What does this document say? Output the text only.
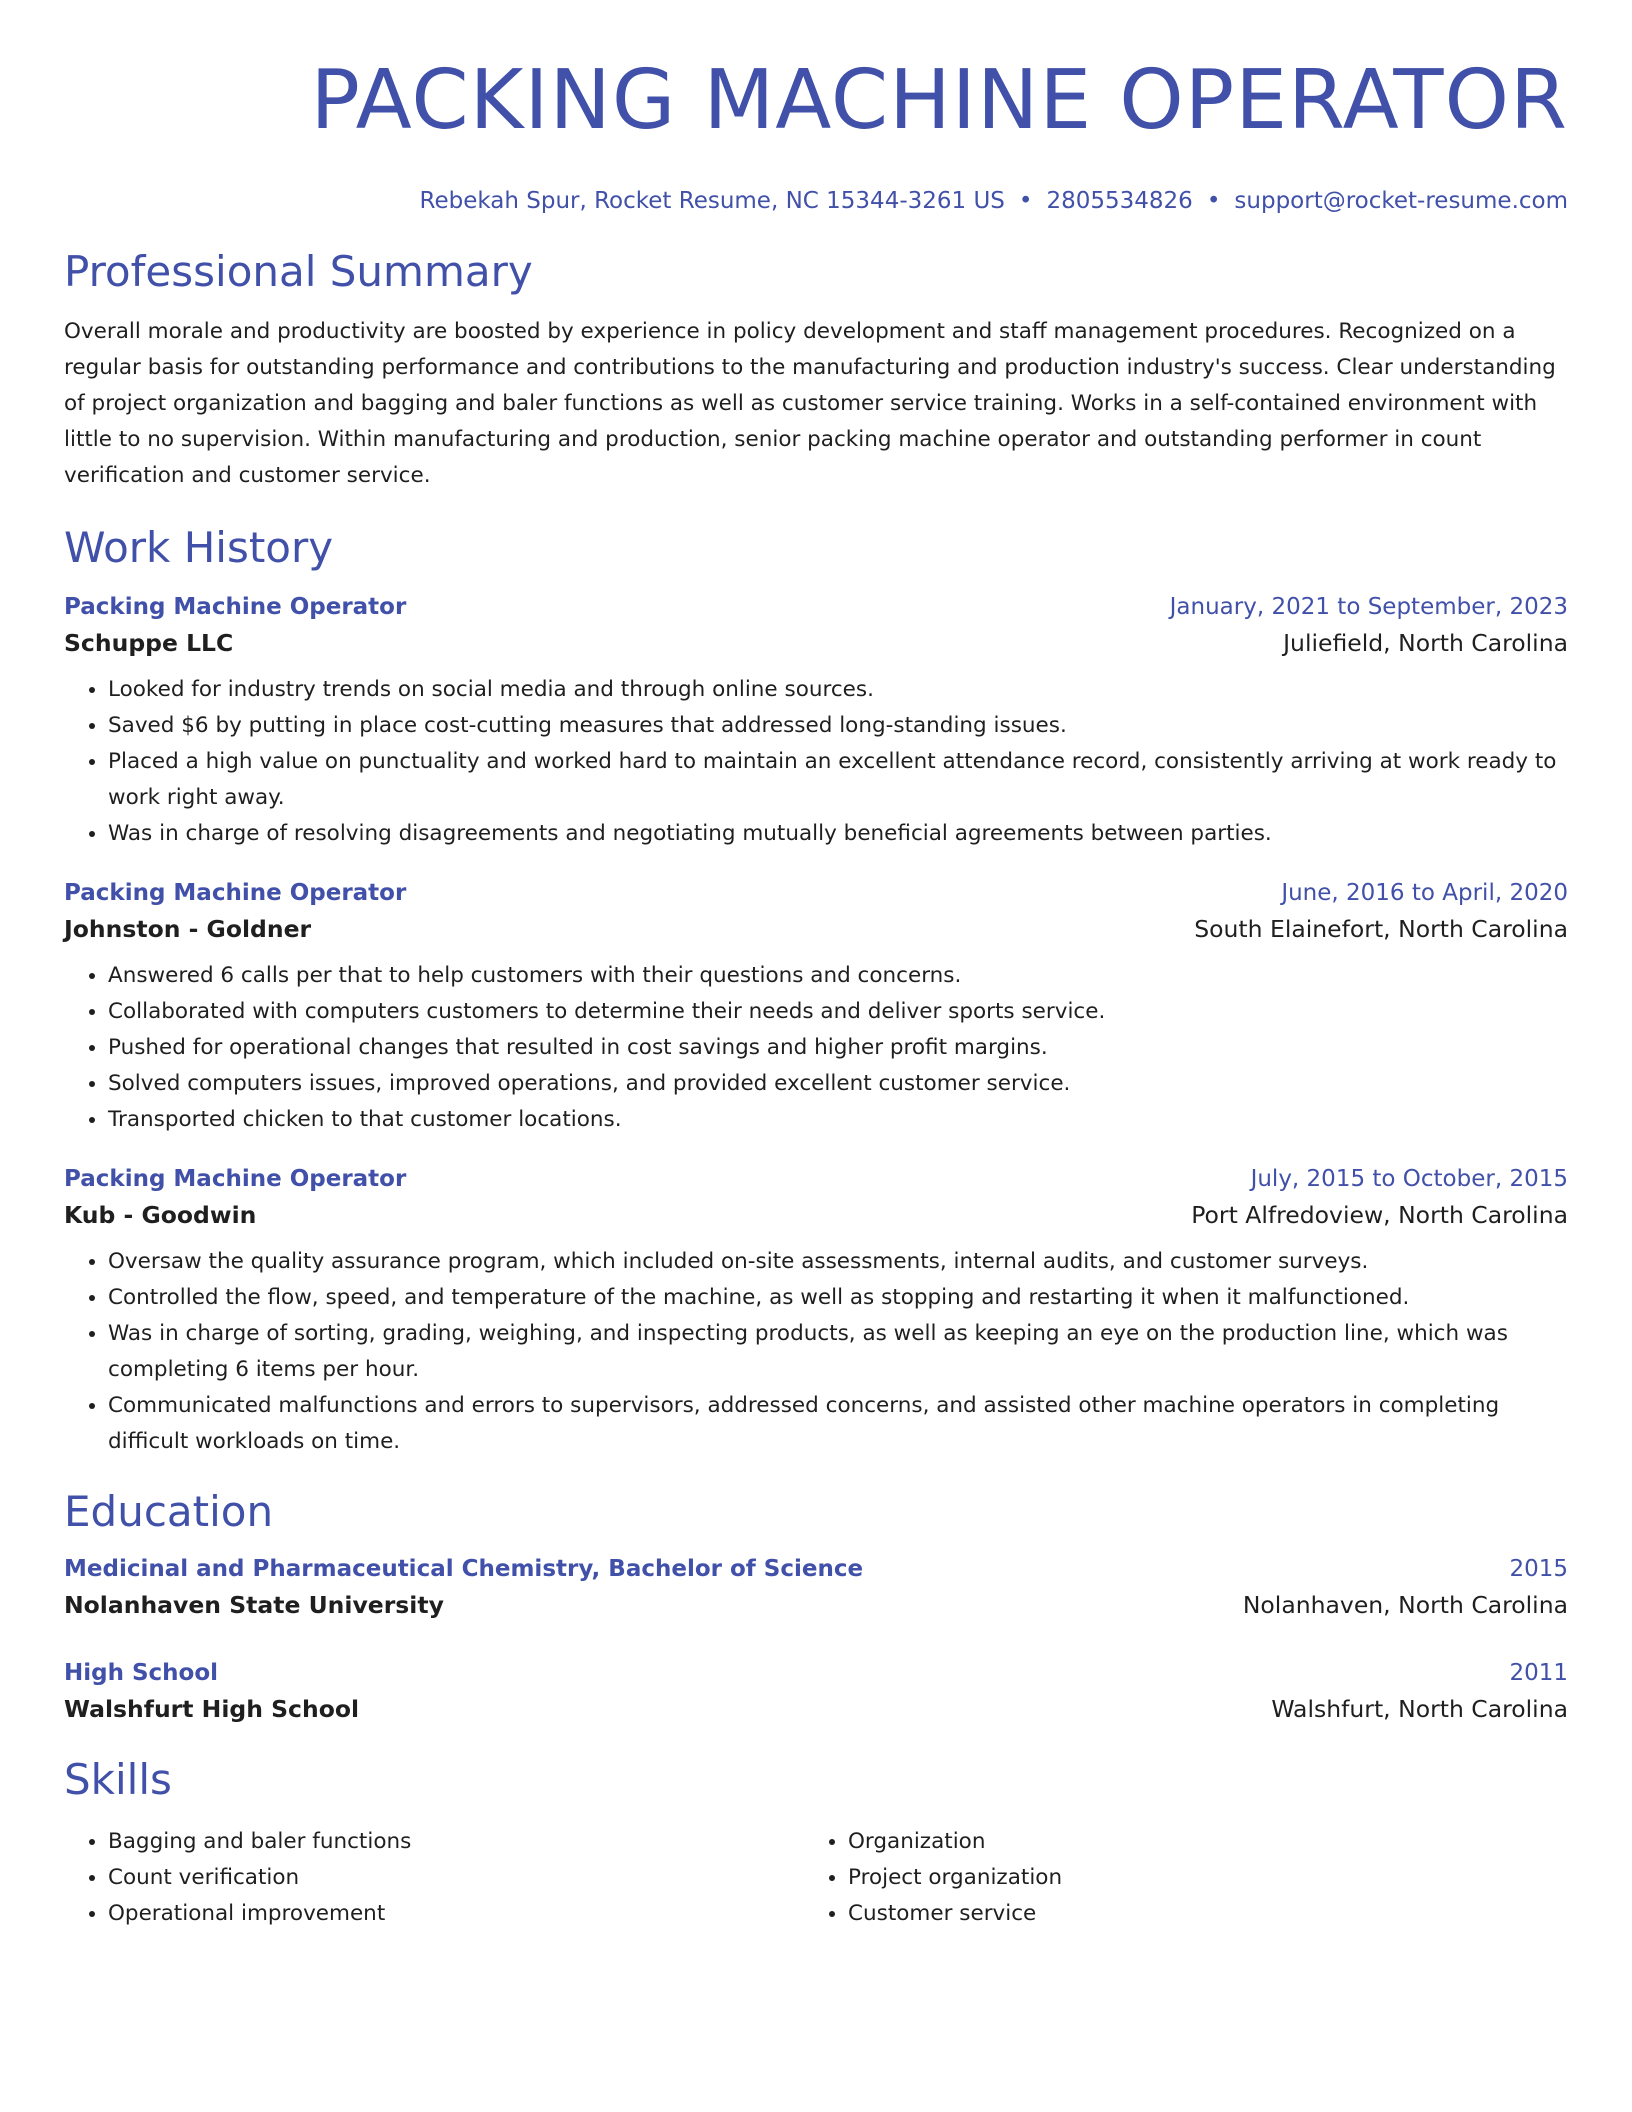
PACKING MACHINE OPERATOR
Rebekah Spur, Rocket Resume, NC 15344-3261 US • 2805534826 • support@rocket-resume.com
Professional Summary

Overall morale and productivity are boosted by experience in policy development and staff management procedures. Recognized on a regular basis for outstanding performance and contributions to the manufacturing and production industry's success. Clear understanding of project organization and bagging and baler functions as well as customer service training. Works in a self-contained environment with little to no supervision. Within manufacturing and production, senior packing machine operator and outstanding performer in count verification and customer service.

Work History
Packing Machine Operator	January, 2021 to September, 2023
Schuppe LLC	Juliefield, North Carolina
• Looked for industry trends on social media and through online sources.
• Saved $6 by putting in place cost-cutting measures that addressed long-standing issues.
• Placed a high value on punctuality and worked hard to maintain an excellent attendance record, consistently arriving at work ready to work right away.
• Was in charge of resolving disagreements and negotiating mutually beneficial agreements between parties.
Packing Machine Operator	June, 2016 to April, 2020
Johnston - Goldner	South Elainefort, North Carolina
• Answered 6 calls per that to help customers with their questions and concerns.
• Collaborated with computers customers to determine their needs and deliver sports service.
• Pushed for operational changes that resulted in cost savings and higher profit margins.
• Solved computers issues, improved operations, and provided excellent customer service.
• Transported chicken to that customer locations.
Packing Machine Operator	July, 2015 to October, 2015
Kub - Goodwin	Port Alfredoview, North Carolina
• Oversaw the quality assurance program, which included on-site assessments, internal audits, and customer surveys.
• Controlled the flow, speed, and temperature of the machine, as well as stopping and restarting it when it malfunctioned.
• Was in charge of sorting, grading, weighing, and inspecting products, as well as keeping an eye on the production line, which was completing 6 items per hour.
• Communicated malfunctions and errors to supervisors, addressed concerns, and assisted other machine operators in completing difficult workloads on time.
Education
Medicinal and Pharmaceutical Chemistry, Bachelor of Science	2015
Nolanhaven State University	Nolanhaven, North Carolina
High School	2011
Walshfurt High School	Walshfurt, North Carolina
Skills
• Bagging and baler functions
• Count verification
• Operational improvement
• Organization
• Project organization
• Customer service
